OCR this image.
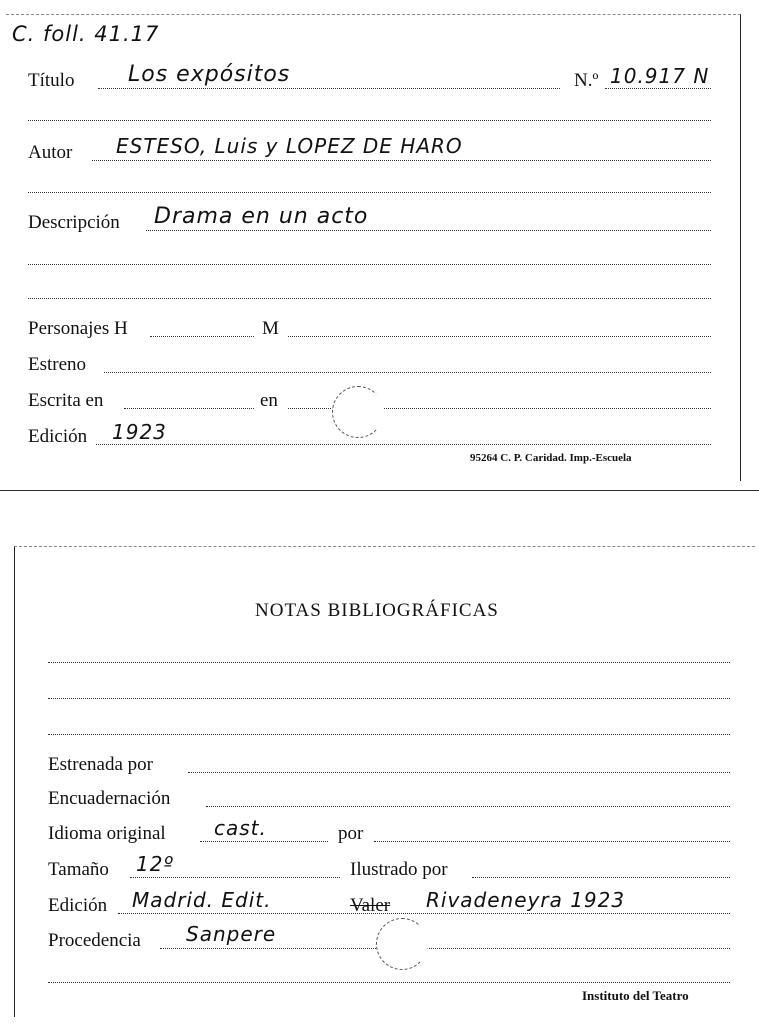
C. foll. 41.17
Título Los expósitos	N.º 10.917 N
Autor ESTESO, Luis y LOPEZ DE HARO
Descripción Drama en un acto
Personajes H	M
Estreno
Escrita en	en
Edición 1923
95264 C. P. Caridad. Imp.-Escuela
NOTAS BIBLIOGRÁFICAS
Estrenada por
Encuadernación
Idioma original cast.	por
Tamaño 12º	Ilustrado por
Edición Madrid. Edit.	Valer Rivadeneyra 1923
Procedencia Sanpere
Instituto del Teatro
